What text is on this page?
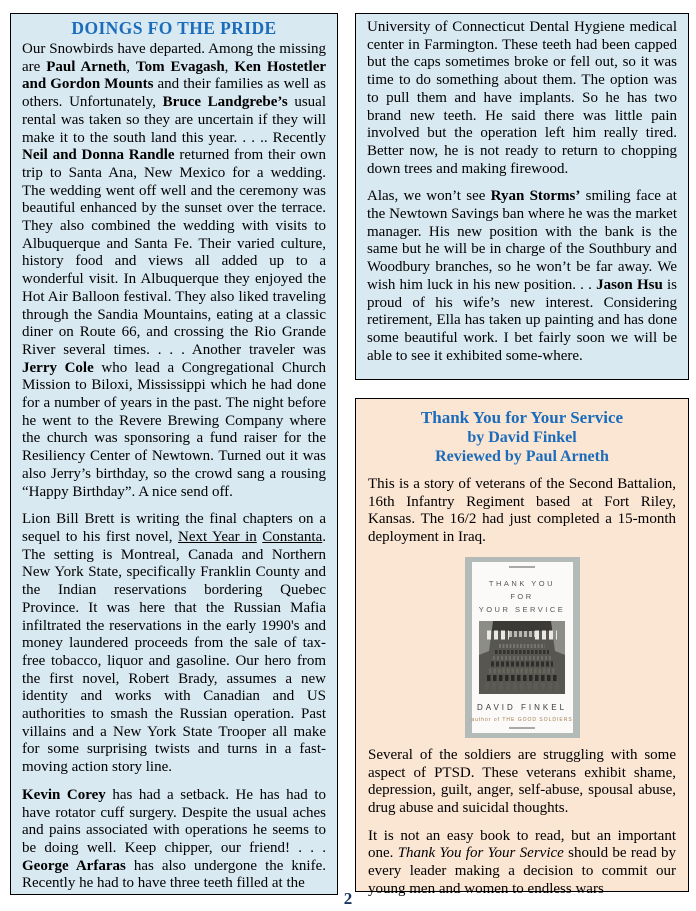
DOINGS FO THE PRIDE

Our Snowbirds have departed. Among the missing are Paul Arneth, Tom Evagash, Ken Hostetler and Gordon Mounts and their families as well as others. Unfortunately, Bruce Landgrebe’s usual rental was taken so they are uncertain if they will make it to the south land this year. . . .. Recently Neil and Donna Randle returned from their own trip to Santa Ana, New Mexico for a wedding. The wedding went off well and the ceremony was beautiful enhanced by the sunset over the terrace. They also combined the wedding with visits to Albuquerque and Santa Fe. Their varied culture, history food and views all added up to a wonderful visit. In Albuquerque they enjoyed the Hot Air Balloon festival. They also liked traveling through the Sandia Mountains, eating at a classic diner on Route 66, and crossing the Rio Grande River several times. . . . Another traveler was Jerry Cole who lead a Congregational Church Mission to Biloxi, Mississippi which he had done for a number of years in the past. The night before he went to the Revere Brewing Company where the church was sponsoring a fund raiser for the Resiliency Center of Newtown. Turned out it was also Jerry’s birthday, so the crowd sang a rousing “Happy Birthday”. A nice send off.

Lion Bill Brett is writing the final chapters on a sequel to his first novel, Next Year in Constanta. The setting is Montreal, Canada and Northern New York State, specifically Franklin County and the Indian reservations bordering Quebec Province. It was here that the Russian Mafia infiltrated the reservations in the early 1990's and money laundered proceeds from the sale of tax-free tobacco, liquor and gasoline. Our hero from the first novel, Robert Brady, assumes a new identity and works with Canadian and US authorities to smash the Russian operation. Past villains and a New York State Trooper all make for some surprising twists and turns in a fast-moving action story line.

Kevin Corey has had a setback. He has had to have rotator cuff surgery. Despite the usual aches and pains associated with operations he seems to be doing well. Keep chipper, our friend! . . . George Arfaras has also undergone the knife. Recently he had to have three teeth filled at the

University of Connecticut Dental Hygiene medical center in Farmington. These teeth had been capped but the caps sometimes broke or fell out, so it was time to do something about them. The option was to pull them and have implants. So he has two brand new teeth. He said there was little pain involved but the operation left him really tired. Better now, he is not ready to return to chopping down trees and making firewood.

Alas, we won’t see Ryan Storms’ smiling face at the Newtown Savings ban where he was the market manager. His new position with the bank is the same but he will be in charge of the Southbury and Woodbury branches, so he won’t be far away. We wish him luck in his new position. . . Jason Hsu is proud of his wife’s new interest. Considering retirement, Ella has taken up painting and has done some beautiful work. I bet fairly soon we will be able to see it exhibited some-where.

Thank You for Your Service
by David Finkel
Reviewed by Paul Arneth

This is a story of veterans of the Second Battalion, 16th Infantry Regiment based at Fort Riley, Kansas. The 16/2 had just completed a 15-month deployment in Iraq.

THANK YOU
FOR
YOUR SERVICE
DAVID FINKEL
author of THE GOOD SOLDIERS

Several of the soldiers are struggling with some aspect of PTSD. These veterans exhibit shame, depression, guilt, anger, self-abuse, spousal abuse, drug abuse and suicidal thoughts.

It is not an easy book to read, but an important one. Thank You for Your Service should be read by every leader making a decision to commit our young men and women to endless wars

2
